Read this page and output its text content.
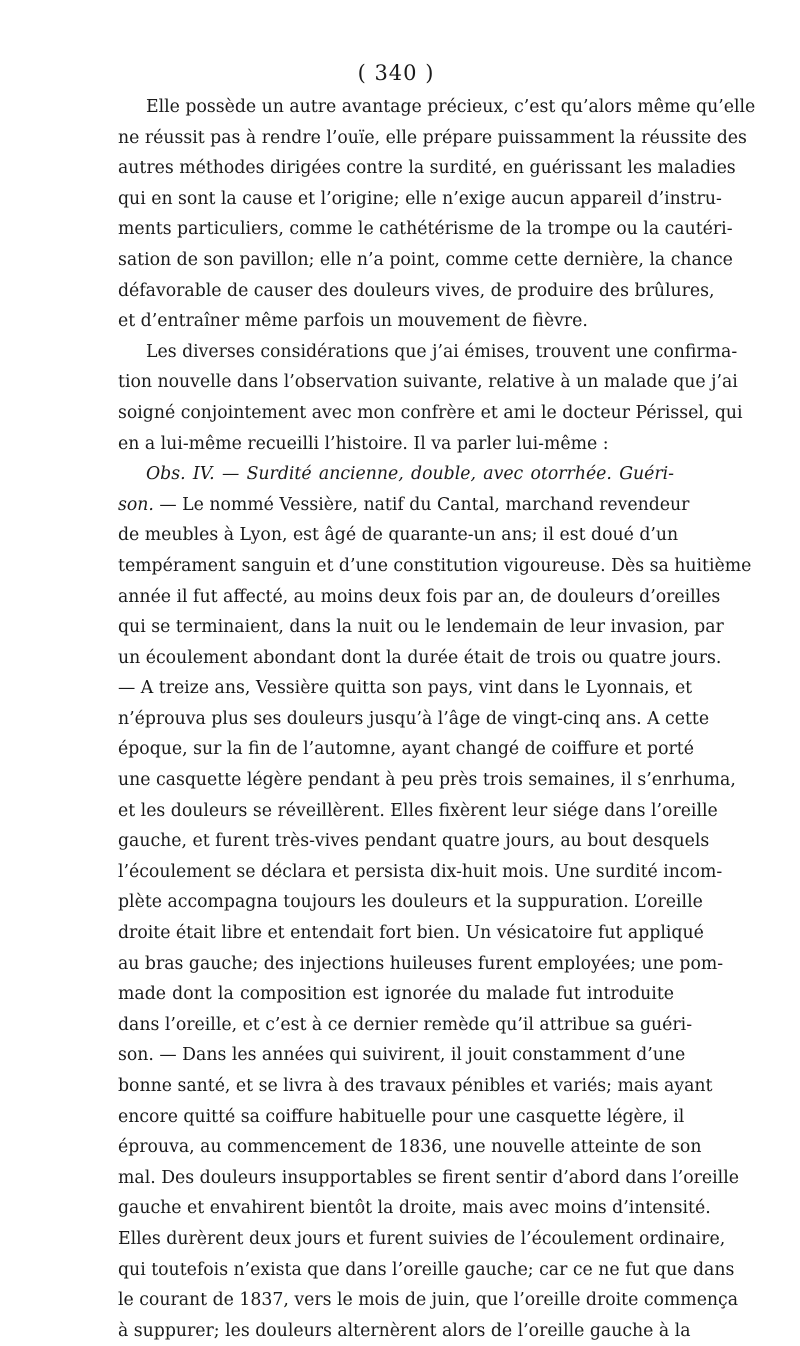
( 340 )
Elle possède un autre avantage précieux, c’est qu’alors même qu’elle
ne réussit pas à rendre l’ouïe, elle prépare puissamment la réussite des
autres méthodes dirigées contre la surdité, en guérissant les maladies
qui en sont la cause et l’origine; elle n’exige aucun appareil d’instru-
ments particuliers, comme le cathétérisme de la trompe ou la cautéri-
sation de son pavillon; elle n’a point, comme cette dernière, la chance
défavorable de causer des douleurs vives, de produire des brûlures,
et d’entraîner même parfois un mouvement de fièvre.
Les diverses considérations que j’ai émises, trouvent une confirma-
tion nouvelle dans l’observation suivante, relative à un malade que j’ai
soigné conjointement avec mon confrère et ami le docteur Périssel, qui
en a lui-même recueilli l’histoire. Il va parler lui-même :
Obs. IV. — Surdité ancienne, double, avec otorrhée. Guéri-
son. — Le nommé Vessière, natif du Cantal, marchand revendeur
de meubles à Lyon, est âgé de quarante-un ans; il est doué d’un
tempérament sanguin et d’une constitution vigoureuse. Dès sa huitième
année il fut affecté, au moins deux fois par an, de douleurs d’oreilles
qui se terminaient, dans la nuit ou le lendemain de leur invasion, par
un écoulement abondant dont la durée était de trois ou quatre jours.
— A treize ans, Vessière quitta son pays, vint dans le Lyonnais, et
n’éprouva plus ses douleurs jusqu’à l’âge de vingt-cinq ans. A cette
époque, sur la fin de l’automne, ayant changé de coiffure et porté
une casquette légère pendant à peu près trois semaines, il s’enrhuma,
et les douleurs se réveillèrent. Elles fixèrent leur siége dans l’oreille
gauche, et furent très-vives pendant quatre jours, au bout desquels
l’écoulement se déclara et persista dix-huit mois. Une surdité incom-
plète accompagna toujours les douleurs et la suppuration. L’oreille
droite était libre et entendait fort bien. Un vésicatoire fut appliqué
au bras gauche; des injections huileuses furent employées; une pom-
made dont la composition est ignorée du malade fut introduite
dans l’oreille, et c’est à ce dernier remède qu’il attribue sa guéri-
son. — Dans les années qui suivirent, il jouit constamment d’une
bonne santé, et se livra à des travaux pénibles et variés; mais ayant
encore quitté sa coiffure habituelle pour une casquette légère, il
éprouva, au commencement de 1836, une nouvelle atteinte de son
mal. Des douleurs insupportables se firent sentir d’abord dans l’oreille
gauche et envahirent bientôt la droite, mais avec moins d’intensité.
Elles durèrent deux jours et furent suivies de l’écoulement ordinaire,
qui toutefois n’exista que dans l’oreille gauche; car ce ne fut que dans
le courant de 1837, vers le mois de juin, que l’oreille droite commença
à suppurer; les douleurs alternèrent alors de l’oreille gauche à la
